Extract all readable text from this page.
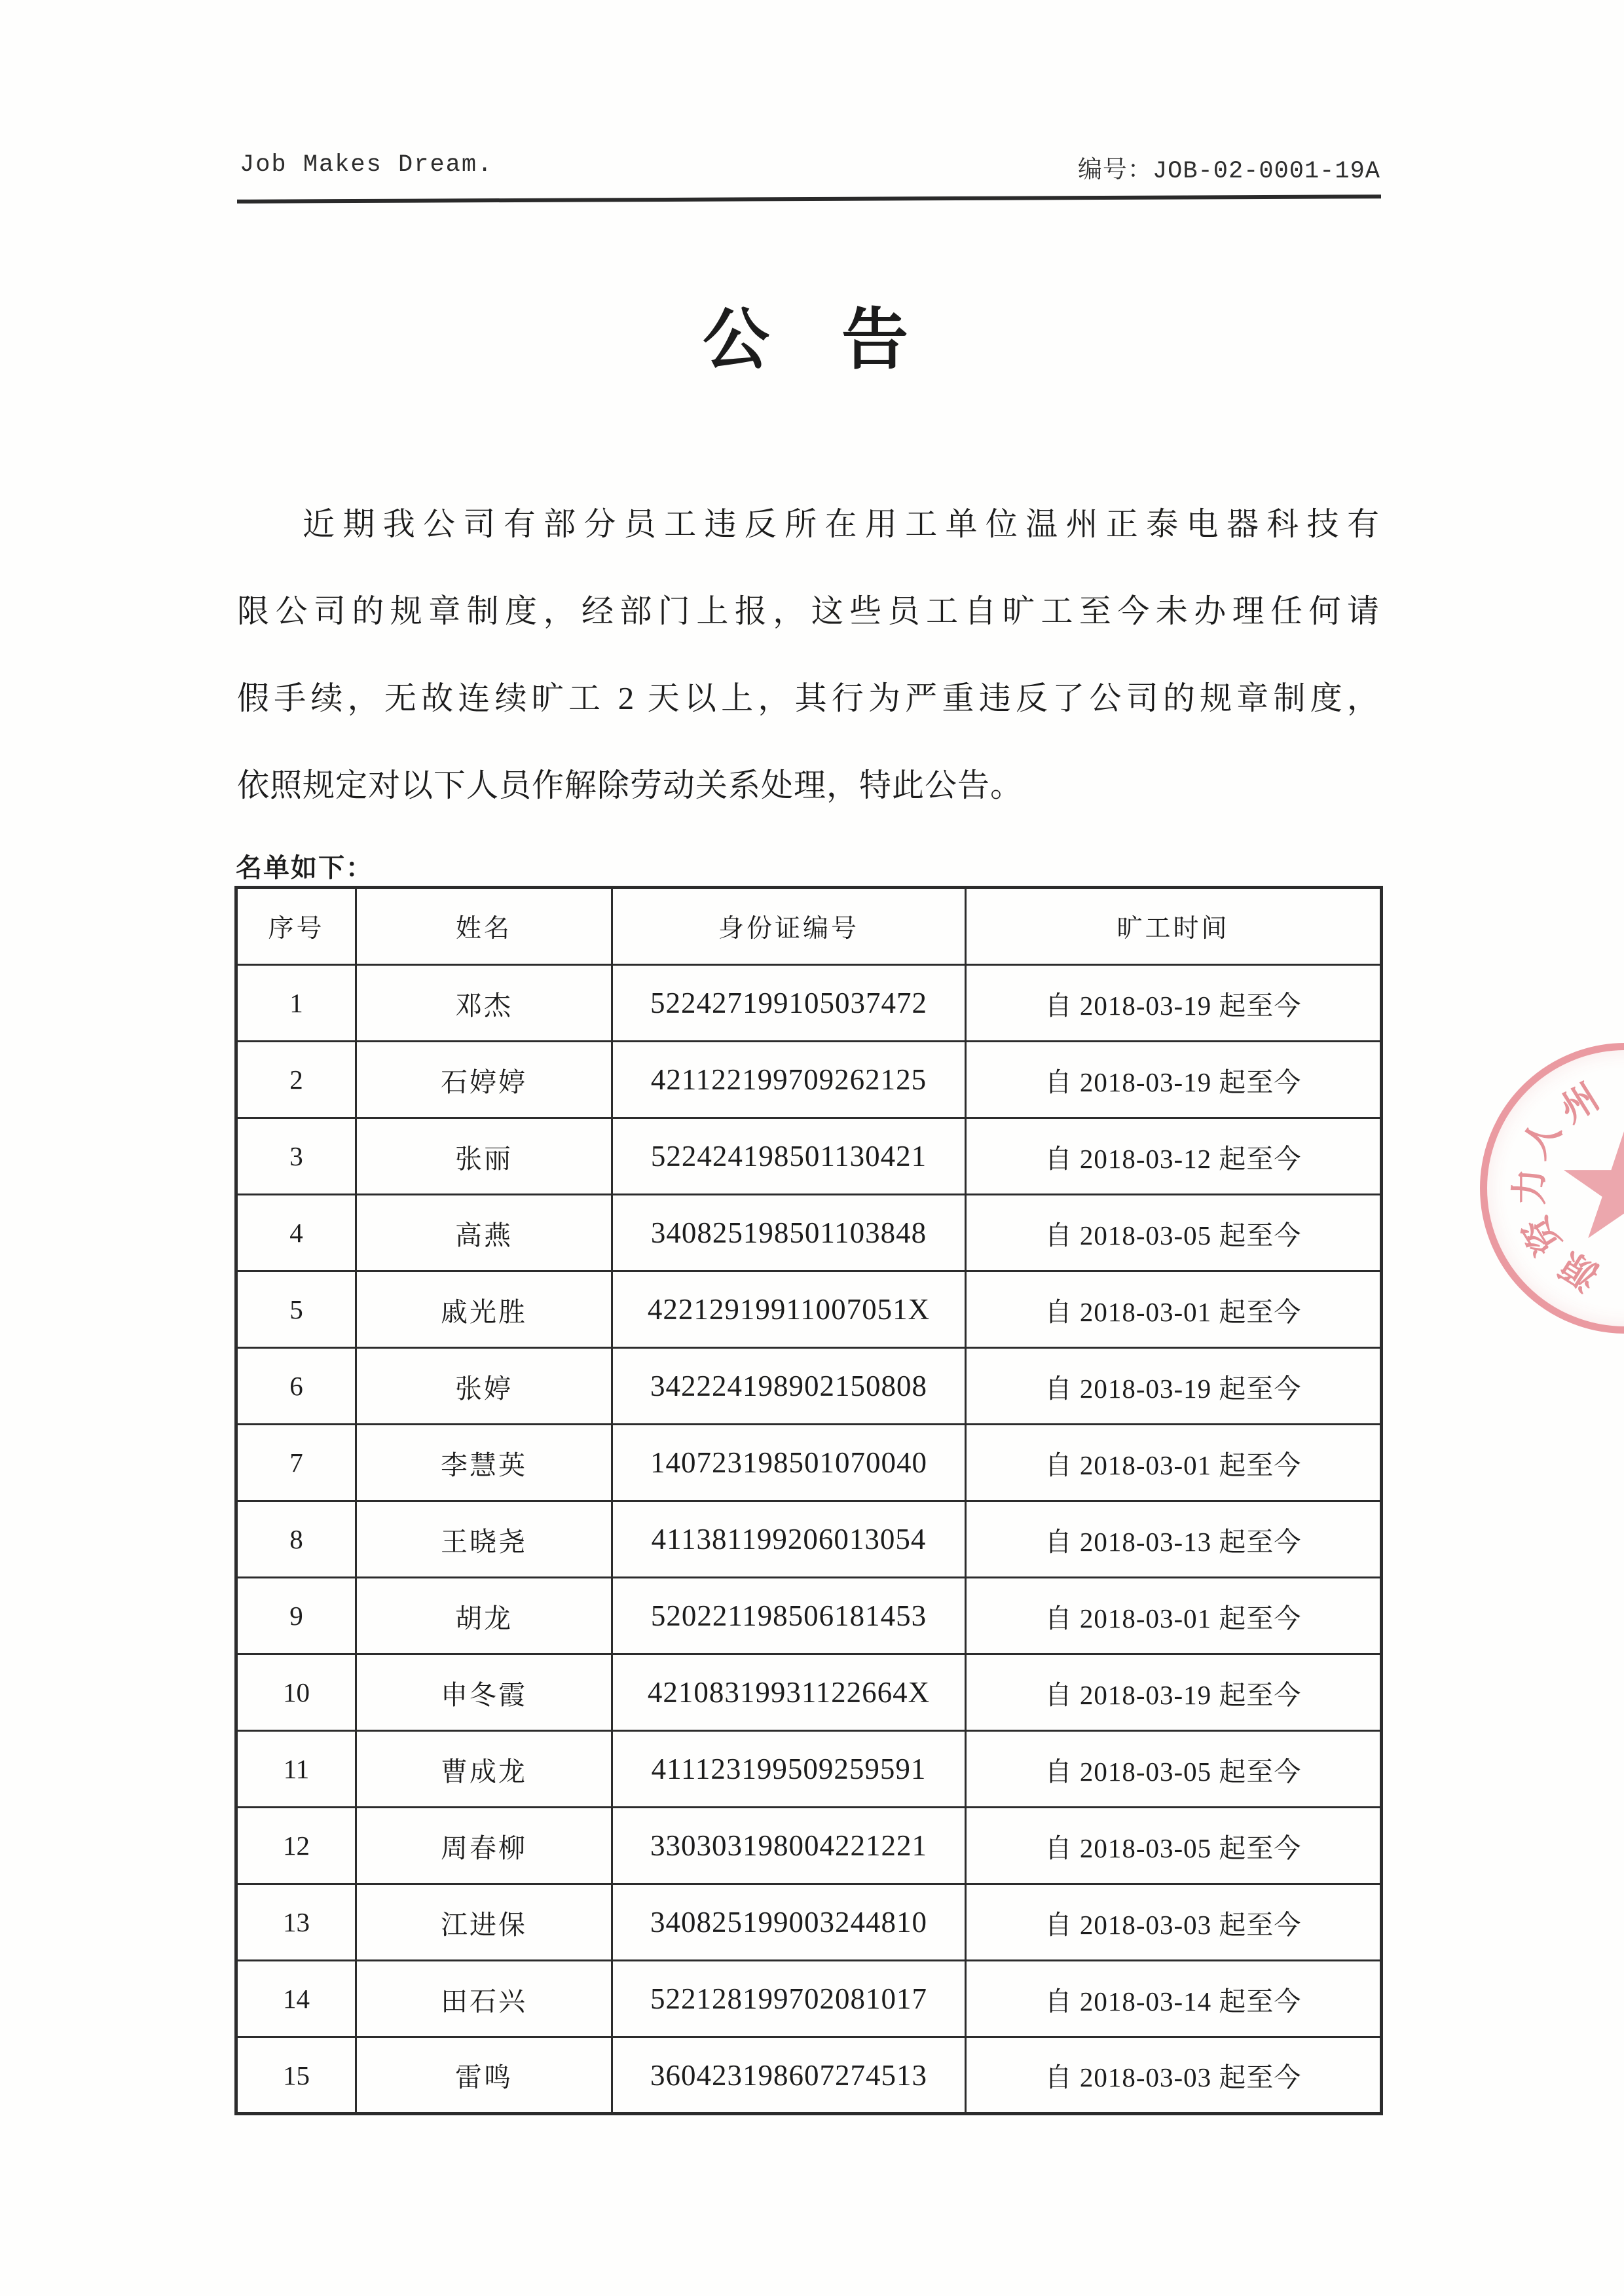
Job Makes Dream.	编号：JOB-02-0001-19A
公　告
近期我公司有部分员工违反所在用工单位温州正泰电器科技有
限公司的规章制度，经部门上报，这些员工自旷工至今未办理任何请
假手续，无故连续旷工 2 天以上，其行为严重违反了公司的规章制度，
依照规定对以下人员作解除劳动关系处理，特此公告。
名单如下：
序号	姓名	身份证编号	旷工时间
1	邓杰	522427199105037472	自 2018-03-19 起至今
2	石婷婷	421122199709262125	自 2018-03-19 起至今
3	张丽	522424198501130421	自 2018-03-12 起至今
4	高燕	340825198501103848	自 2018-03-05 起至今
5	戚光胜	42212919911007051X	自 2018-03-01 起至今
6	张婷	342224198902150808	自 2018-03-19 起至今
7	李慧英	140723198501070040	自 2018-03-01 起至今
8	王晓尧	411381199206013054	自 2018-03-13 起至今
9	胡龙	520221198506181453	自 2018-03-01 起至今
10	申冬霞	42108319931122664X	自 2018-03-19 起至今
11	曹成龙	411123199509259591	自 2018-03-05 起至今
12	周春柳	330303198004221221	自 2018-03-05 起至今
13	江进保	340825199003244810	自 2018-03-03 起至今
14	田石兴	522128199702081017	自 2018-03-14 起至今
15	雷鸣	360423198607274513	自 2018-03-03 起至今
州
人
力
资
源
